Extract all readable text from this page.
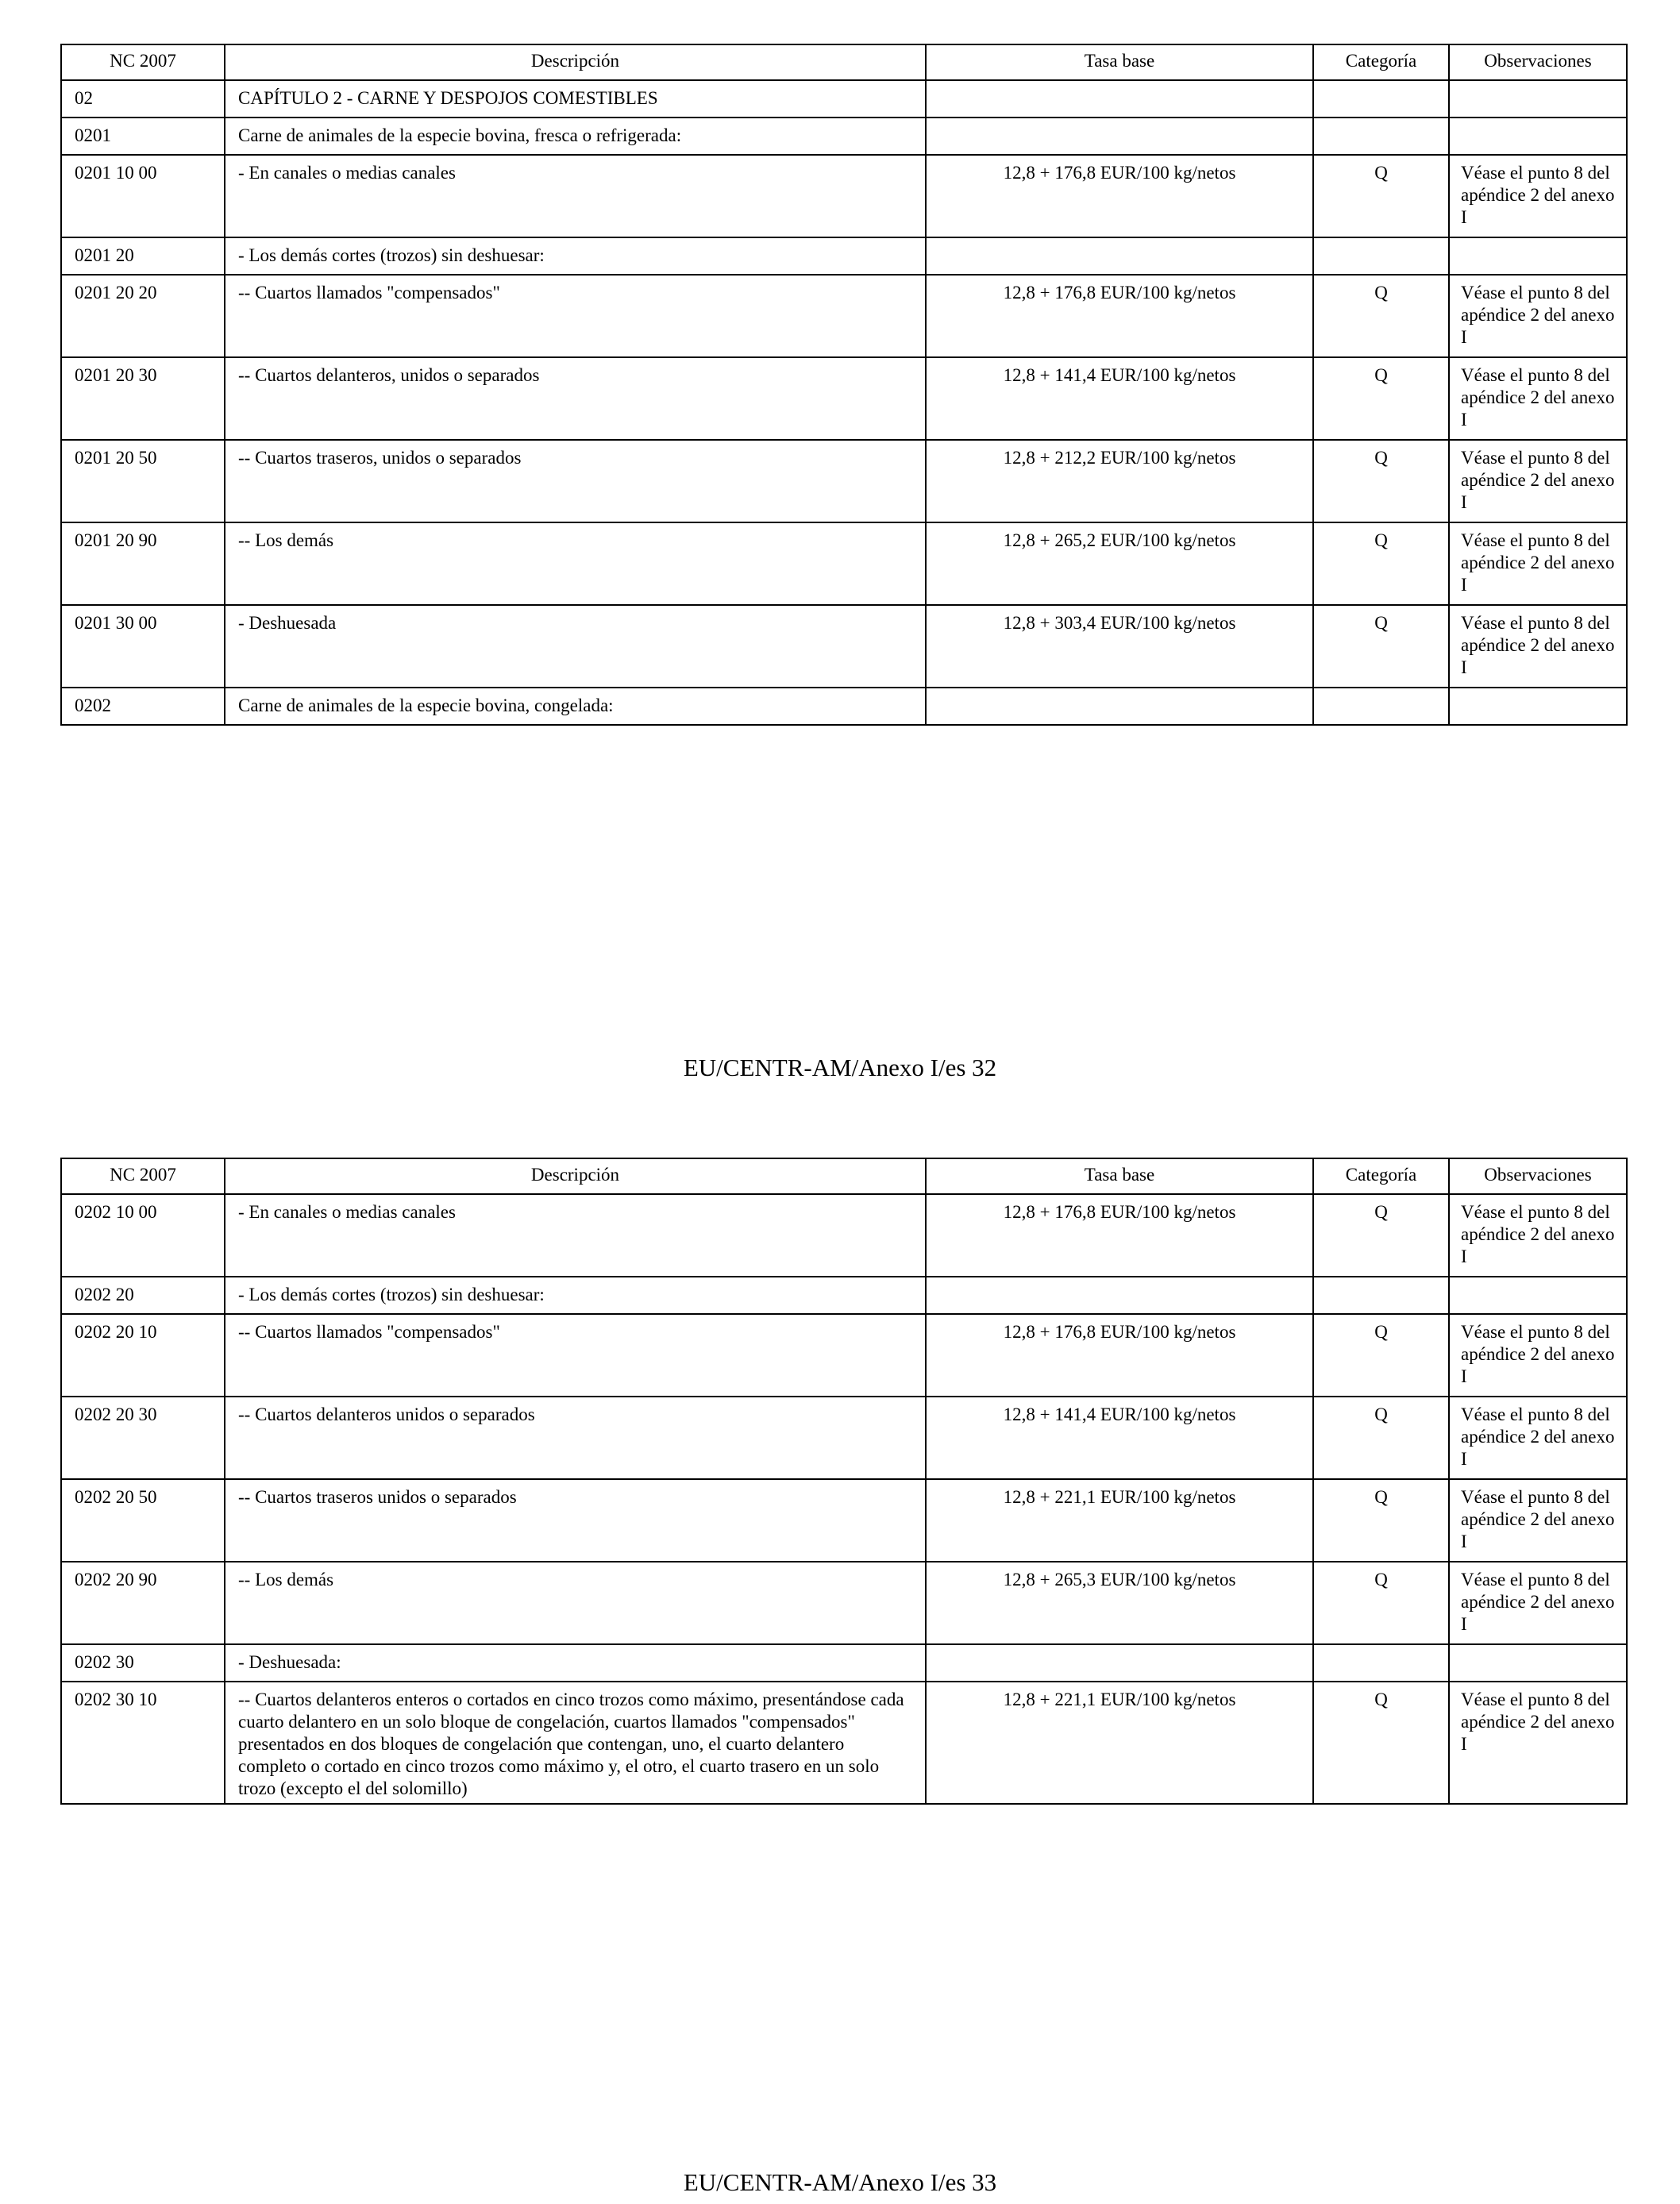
NC 2007	Descripción	Tasa base	Categoría	Observaciones
02	CAPÍTULO 2 - CARNE Y DESPOJOS COMESTIBLES			
0201	Carne de animales de la especie bovina, fresca o refrigerada:			
0201 10 00	- En canales o medias canales	12,8 + 176,8 EUR/100 kg/netos	Q	Véase el punto 8 del apéndice 2 del anexo I
0201 20	- Los demás cortes (trozos) sin deshuesar:			
0201 20 20	-- Cuartos llamados "compensados"	12,8 + 176,8 EUR/100 kg/netos	Q	Véase el punto 8 del apéndice 2 del anexo I
0201 20 30	-- Cuartos delanteros, unidos o separados	12,8 + 141,4 EUR/100 kg/netos	Q	Véase el punto 8 del apéndice 2 del anexo I
0201 20 50	-- Cuartos traseros, unidos o separados	12,8 + 212,2 EUR/100 kg/netos	Q	Véase el punto 8 del apéndice 2 del anexo I
0201 20 90	-- Los demás	12,8 + 265,2 EUR/100 kg/netos	Q	Véase el punto 8 del apéndice 2 del anexo I
0201 30 00	- Deshuesada	12,8 + 303,4 EUR/100 kg/netos	Q	Véase el punto 8 del apéndice 2 del anexo I
0202	Carne de animales de la especie bovina, congelada:			
EU/CENTR-AM/Anexo I/es 32
NC 2007	Descripción	Tasa base	Categoría	Observaciones
0202 10 00	- En canales o medias canales	12,8 + 176,8 EUR/100 kg/netos	Q	Véase el punto 8 del apéndice 2 del anexo I
0202 20	- Los demás cortes (trozos) sin deshuesar:			
0202 20 10	-- Cuartos llamados "compensados"	12,8 + 176,8 EUR/100 kg/netos	Q	Véase el punto 8 del apéndice 2 del anexo I
0202 20 30	-- Cuartos delanteros unidos o separados	12,8 + 141,4 EUR/100 kg/netos	Q	Véase el punto 8 del apéndice 2 del anexo I
0202 20 50	-- Cuartos traseros unidos o separados	12,8 + 221,1 EUR/100 kg/netos	Q	Véase el punto 8 del apéndice 2 del anexo I
0202 20 90	-- Los demás	12,8 + 265,3 EUR/100 kg/netos	Q	Véase el punto 8 del apéndice 2 del anexo I
0202 30	- Deshuesada:			
0202 30 10	-- Cuartos delanteros enteros o cortados en cinco trozos como máximo, presentándose cada cuarto delantero en un solo bloque de congelación, cuartos llamados "compensados" presentados en dos bloques de congelación que contengan, uno, el cuarto delantero completo o cortado en cinco trozos como máximo y, el otro, el cuarto trasero en un solo trozo (excepto el del solomillo)	12,8 + 221,1 EUR/100 kg/netos	Q	Véase el punto 8 del apéndice 2 del anexo I
EU/CENTR-AM/Anexo I/es 33
